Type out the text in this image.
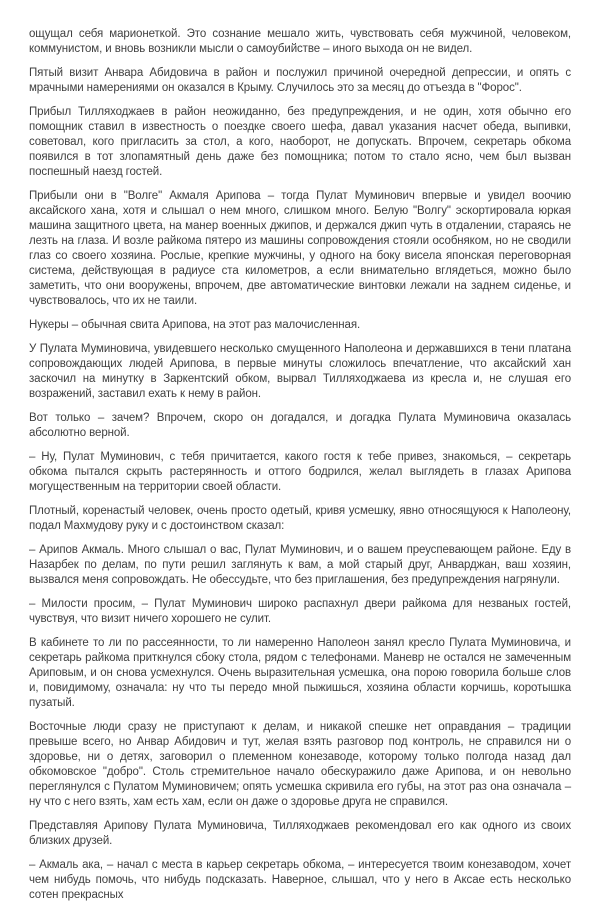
ощущал себя марионеткой. Это сознание мешало жить, чувствовать себя мужчиной, человеком, коммунистом, и вновь возникли мысли о самоубийстве – иного выхода он не видел.

Пятый визит Анвара Абидовича в район и послужил причиной очередной депрессии, и опять с мрачными намерениями он оказался в Крыму. Случилось это за месяц до отъезда в "Форос".

Прибыл Тилляходжаев в район неожиданно, без предупреждения, и не один, хотя обычно его помощник ставил в известность о поездке своего шефа, давал указания насчет обеда, выпивки, советовал, кого пригласить за стол, а кого, наоборот, не допускать. Впрочем, секретарь обкома появился в тот злопамятный день даже без помощника; потом то стало ясно, чем был вызван поспешный наезд гостей.

Прибыли они в "Волге" Акмаля Арипова – тогда Пулат Муминович впервые и увидел воочию аксайского хана, хотя и слышал о нем много, слишком много. Белую "Волгу" эскортировала юркая машина защитного цвета, на манер военных джипов, и держался джип чуть в отдалении, стараясь не лезть на глаза. И возле райкома пятеро из машины сопровождения стояли особняком, но не сводили глаз со своего хозяина. Рослые, крепкие мужчины, у одного на боку висела японская переговорная система, действующая в радиусе ста километров, а если внимательно вглядеться, можно было заметить, что они вооружены, впрочем, две автоматические винтовки лежали на заднем сиденье, и чувствовалось, что их не таили.

Нукеры – обычная свита Арипова, на этот раз малочисленная.

У Пулата Муминовича, увидевшего несколько смущенного Наполеона и державшихся в тени платана сопровождающих людей Арипова, в первые минуты сложилось впечатление, что аксайский хан заскочил на минутку в Заркентский обком, вырвал Тилляходжаева из кресла и, не слушая его возражений, заставил ехать к нему в район.

Вот только – зачем? Впрочем, скоро он догадался, и догадка Пулата Муминовича оказалась абсолютно верной.

– Ну, Пулат Муминович, с тебя причитается, какого гостя к тебе привез, знакомься, – секретарь обкома пытался скрыть растерянность и оттого бодрился, желал выглядеть в глазах Арипова могущественным на территории своей области.

Плотный, коренастый человек, очень просто одетый, кривя усмешку, явно относящуюся к Наполеону, подал Махмудову руку и с достоинством сказал:

– Арипов Акмаль. Много слышал о вас, Пулат Муминович, и о вашем преуспевающем районе. Еду в Назарбек по делам, по пути решил заглянуть к вам, а мой старый друг, Анварджан, ваш хозяин, вызвался меня сопровождать. Не обессудьте, что без приглашения, без предупреждения нагрянули.

– Милости просим, – Пулат Муминович широко распахнул двери райкома для незваных гостей, чувствуя, что визит ничего хорошего не сулит.

В кабинете то ли по рассеянности, то ли намеренно Наполеон занял кресло Пулата Муминовича, и секретарь райкома приткнулся сбоку стола, рядом с телефонами. Маневр не остался не замеченным Ариповым, и он снова усмехнулся. Очень выразительная усмешка, она порою говорила больше слов и, повидимому, означала: ну что ты передо мной пыжишься, хозяина области корчишь, коротышка пузатый.

Восточные люди сразу не приступают к делам, и никакой спешке нет оправдания – традиции превыше всего, но Анвар Абидович и тут, желая взять разговор под контроль, не справился ни о здоровье, ни о детях, заговорил о племенном конезаводе, которому только полгода назад дал обкомовское "добро". Столь стремительное начало обескуражило даже Арипова, и он невольно переглянулся с Пулатом Муминовичем; опять усмешка скривила его губы, на этот раз она означала – ну что с него взять, хам есть хам, если он даже о здоровье друга не справился.

Представляя Арипову Пулата Муминовича, Тилляходжаев рекомендовал его как одного из своих близких друзей.

– Акмаль ака, – начал с места в карьер секретарь обкома, – интересуется твоим конезаводом, хочет чем нибудь помочь, что нибудь подсказать. Наверное, слышал, что у него в Аксае есть несколько сотен прекрасных
